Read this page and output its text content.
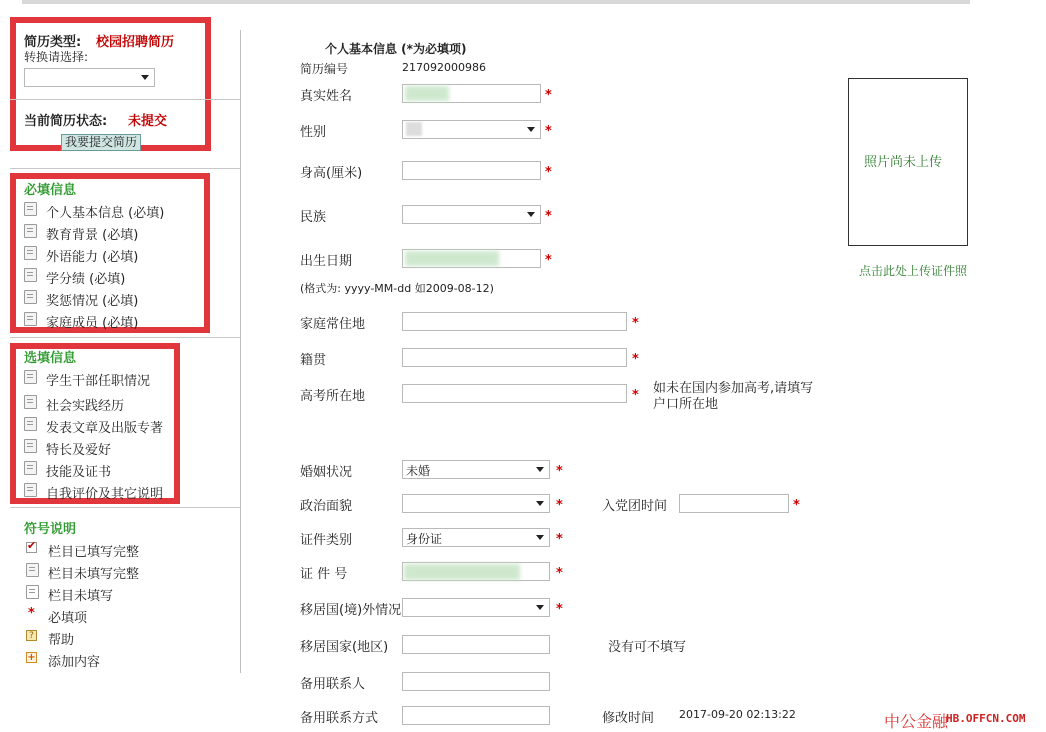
简历类型: 校园招聘简历
转换请选择:
当前简历状态: 未提交
我要提交简历
必填信息
个人基本信息 (必填)
教育背景 (必填)
外语能力 (必填)
学分绩 (必填)
奖惩情况 (必填)
家庭成员 (必填)
选填信息
学生干部任职情况
社会实践经历
发表文章及出版专著
特长及爱好
技能及证书
自我评价及其它说明
符号说明
✔
栏目已填写完整
栏目未填写完整
栏目未填写
* 必填项
? 帮助
+ 添加内容
个人基本信息 (*为必填项)
简历编号	217092000986
真实姓名	*
性别	*
身高(厘米)	*
民族	*
出生日期	*
(格式为: yyyy-MM-dd 如2009-08-12)
家庭常住地	*
籍贯	*
高考所在地	* 如未在国内参加高考,请填写
户口所在地
婚姻状况	未婚	*
政治面貌	*	入党团时间	*
证件类别	身份证	*
证 件 号	*
移居国(境)外情况	*
移居国家(地区)	没有可不填写
备用联系人
备用联系方式	修改时间 2017-09-20 02:13:22
照片尚未上传
点击此处上传证件照
中公金融
HB.OFFCN.COM
